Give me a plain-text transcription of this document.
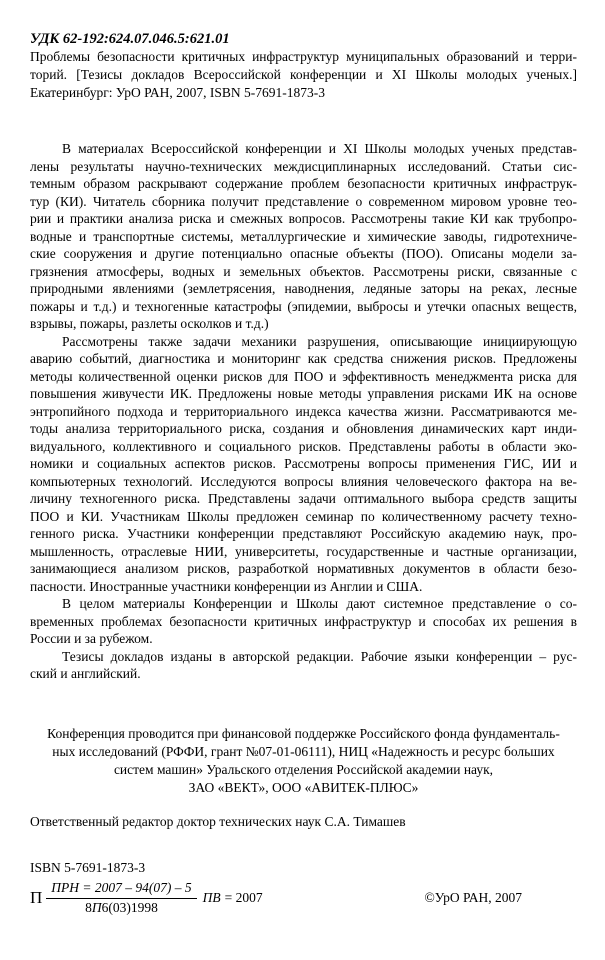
УДК 62-192:624.07.046.5:621.01
Проблемы безопасности критичных инфраструктур муниципальных образований и терри-
торий. [Тезисы докладов Всероссийской конференции и XI Школы молодых ученых.]
Екатеринбург: УрО РАН, 2007, ISBN 5-7691-1873-3
В материалах Всероссийской конференции и XI Школы молодых ученых представ-
лены результаты научно-технических междисциплинарных исследований. Статьи сис-
темным образом раскрывают содержание проблем безопасности критичных инфраструк-
тур (КИ). Читатель сборника получит представление о современном мировом уровне тео-
рии и практики анализа риска и смежных вопросов. Рассмотрены такие КИ как трубопро-
водные и транспортные системы, металлургические и химические заводы, гидротехниче-
ские сооружения и другие потенциально опасные объекты (ПОО). Описаны модели за-
грязнения атмосферы, водных и земельных объектов. Рассмотрены риски, связанные с
природными явлениями (землетрясения, наводнения, ледяные заторы на реках, лесные
пожары и т.д.) и техногенные катастрофы (эпидемии, выбросы и утечки опасных веществ,
взрывы, пожары, разлеты осколков и т.д.)
Рассмотрены также задачи механики разрушения, описывающие инициирующую
аварию событий, диагностика и мониторинг как средства снижения рисков. Предложены
методы количественной оценки рисков для ПОО и эффективность менеджмента риска для
повышения живучести ИК. Предложены новые методы управления рисками ИК на основе
энтропийного подхода и территориального индекса качества жизни. Рассматриваются ме-
тоды анализа территориального риска, создания и обновления динамических карт инди-
видуального, коллективного и социального рисков. Представлены работы в области эко-
номики и социальных аспектов рисков. Рассмотрены вопросы применения ГИС, ИИ и
компьютерных технологий. Исследуются вопросы влияния человеческого фактора на ве-
личину техногенного риска. Представлены задачи оптимального выбора средств защиты
ПОО и КИ. Участникам Школы предложен семинар по количественному расчету техно-
генного риска. Участники конференции представляют Российскую академию наук, про-
мышленность, отраслевые НИИ, университеты, государственные и частные организации,
занимающиеся анализом рисков, разработкой нормативных документов в области безо-
пасности. Иностранные участники конференции из Англии и США.
В целом материалы Конференции и Школы дают системное представление о со-
временных проблемах безопасности критичных инфраструктур и способах их решения в
России и за рубежом.
Тезисы докладов изданы в авторской редакции. Рабочие языки конференции – рус-
ский и английский.
Конференция проводится при финансовой поддержке Российского фонда фундаменталь-
ных исследований (РФФИ, грант №07-01-06111), НИЦ «Надежность и ресурс больших
систем машин» Уральского отделения Российской академии наук,
ЗАО «ВЕКТ», ООО «АВИТЕК-ПЛЮС»
Ответственный редактор доктор технических наук С.А. Тимашев
ISBN 5-7691-1873-3
П $\frac{\text{ПРН = 2007 – 94(07) – 5}}{8П6(03)1998}$ ПВ = 2007	©УрО РАН, 2007
